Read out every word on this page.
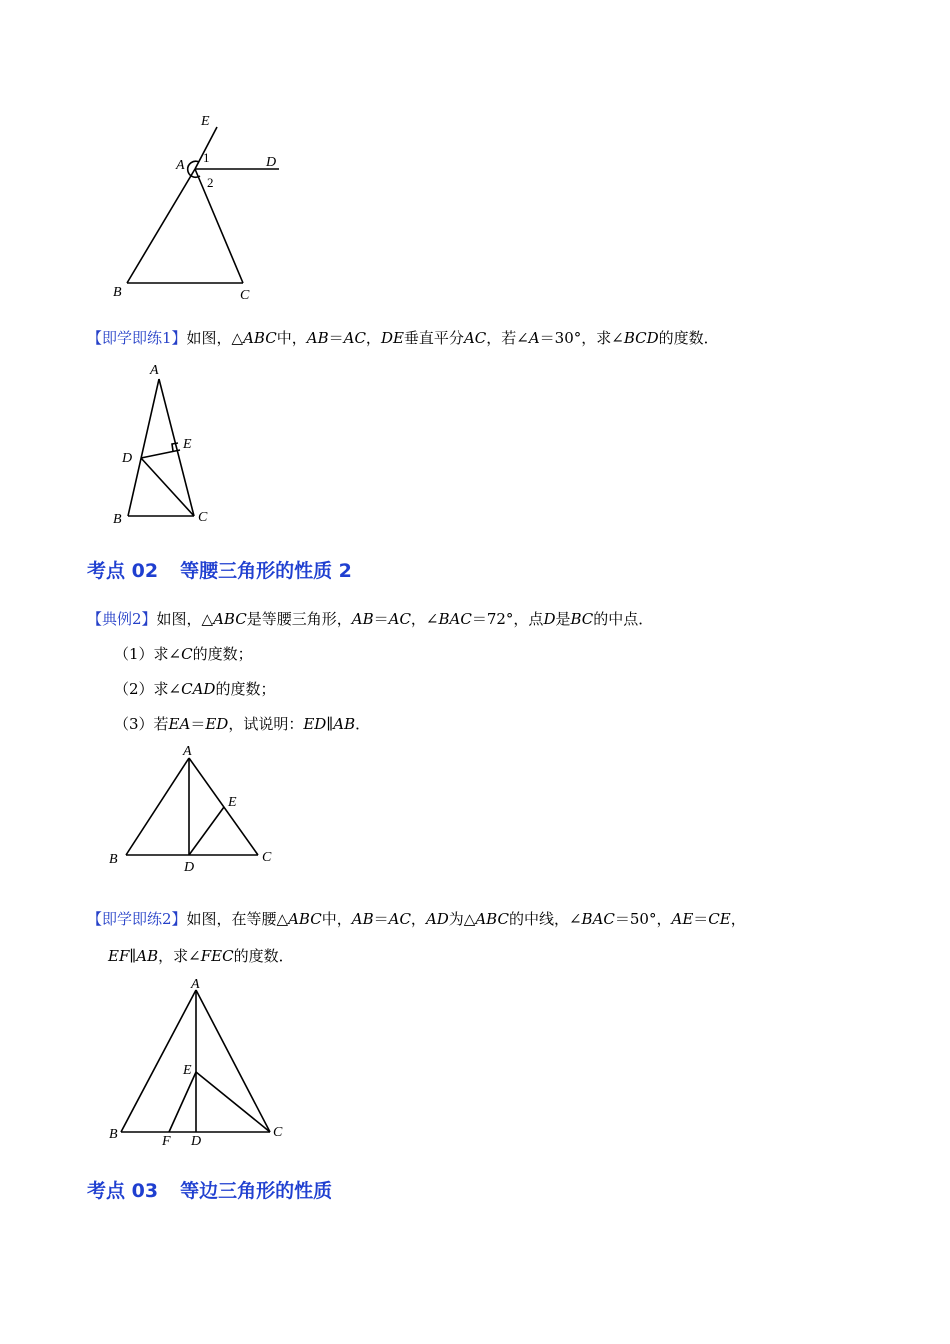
E
A
1	D
2
B	C
【即学即练1】如图，△ABC中，AB＝AC，DE垂直平分AC，若∠A＝30°，求∠BCD的度数．
A
D
E
B	C
考点 02 等腰三角形的性质 2
【典例2】如图，△ABC是等腰三角形，AB＝AC，∠BAC＝72°，点D是BC的中点．
（1）求∠C的度数；
（2）求∠CAD的度数；
（3）若EA＝ED，试说明：ED∥AB．
A
E
B
D
C
【即学即练2】如图，在等腰△ABC中，AB＝AC，AD为△ABC的中线，∠BAC＝50°，AE＝CE，
EF∥AB，求∠FEC的度数．
A
E
B	F D
C
考点 03 等边三角形的性质
